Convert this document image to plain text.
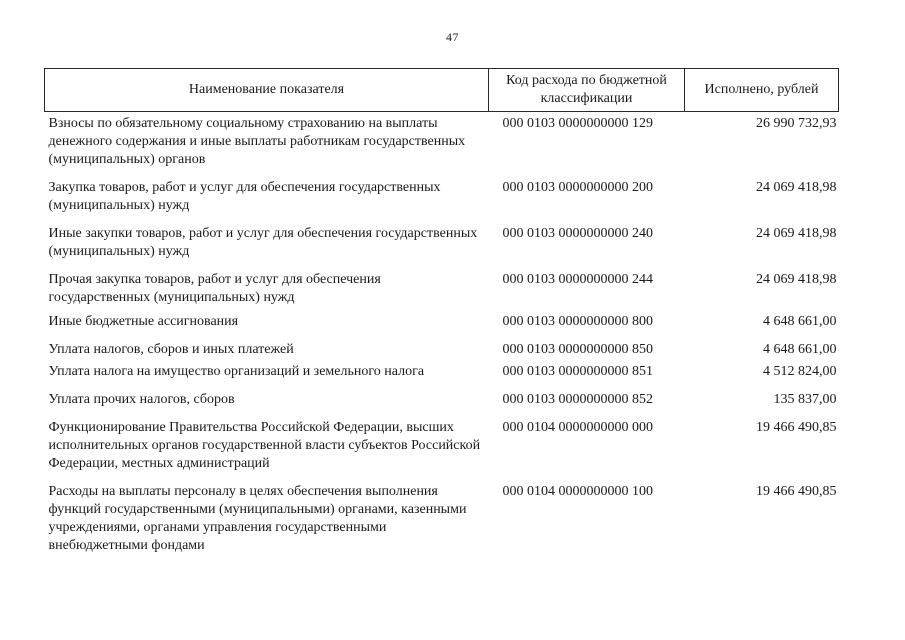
47
Наименование показателя	Код расхода по бюджетной классификации	Исполнено, рублей
Взносы по обязательному социальному страхованию на выплаты денежного содержания и иные выплаты работникам государственных (муниципальных) органов	000 0103 0000000000 129	26 990 732,93
Закупка товаров, работ и услуг для обеспечения государственных (муниципальных) нужд	000 0103 0000000000 200	24 069 418,98
Иные закупки товаров, работ и услуг для обеспечения государственных (муниципальных) нужд	000 0103 0000000000 240	24 069 418,98
Прочая закупка товаров, работ и услуг для обеспечения государственных (муниципальных) нужд	000 0103 0000000000 244	24 069 418,98
Иные бюджетные ассигнования	000 0103 0000000000 800	4 648 661,00
Уплата налогов, сборов и иных платежей	000 0103 0000000000 850	4 648 661,00
Уплата налога на имущество организаций и земельного налога	000 0103 0000000000 851	4 512 824,00
Уплата прочих налогов, сборов	000 0103 0000000000 852	135 837,00
Функционирование Правительства Российской Федерации, высших исполнительных органов государственной власти субъектов Российской Федерации, местных администраций	000 0104 0000000000 000	19 466 490,85
Расходы на выплаты персоналу в целях обеспечения выполнения функций государственными (муниципальными) органами, казенными учреждениями, органами управления государственными внебюджетными фондами	000 0104 0000000000 100	19 466 490,85
